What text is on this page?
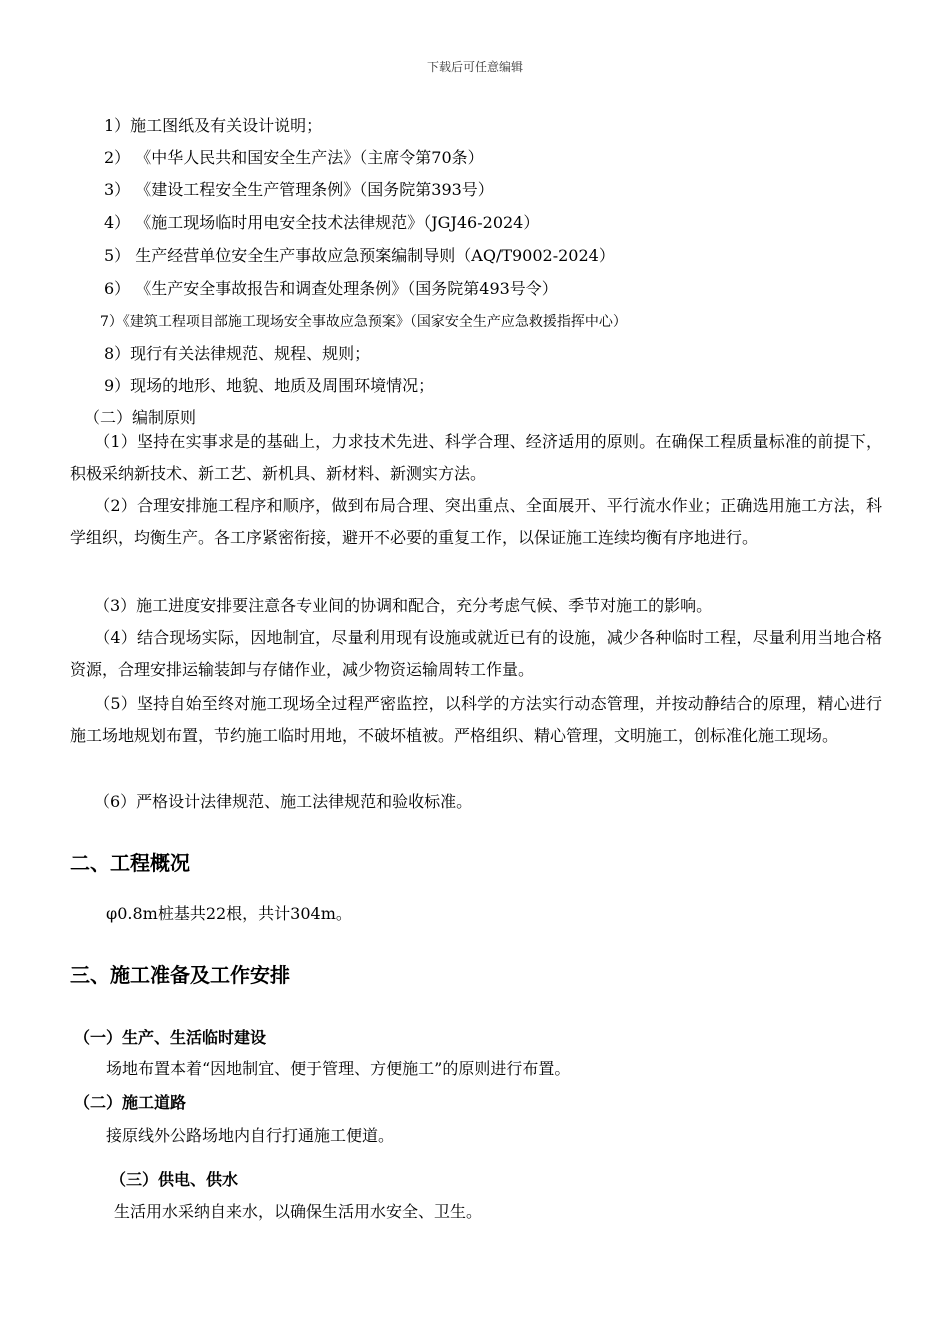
下载后可任意编辑
1）施工图纸及有关设计说明；
2） 《中华人民共和国安全生产法》（主席令第70条）
3） 《建设工程安全生产管理条例》（国务院第393号）
4） 《施工现场临时用电安全技术法律规范》（JGJ46-2024）
5） 生产经营单位安全生产事故应急预案编制导则（AQ/T9002-2024）
6） 《生产安全事故报告和调查处理条例》（国务院第493号令）
7）《建筑工程项目部施工现场安全事故应急预案》（国家安全生产应急救援指挥中心）
8）现行有关法律规范、规程、规则；
9）现场的地形、地貌、地质及周围环境情况；
（二）编制原则
（1）坚持在实事求是的基础上，力求技术先进、科学合理、经济适用的原则。在确保工程质量标准的前提下，积极采纳新技术、新工艺、新机具、新材料、新测实方法。
（2）合理安排施工程序和顺序，做到布局合理、突出重点、全面展开、平行流水作业；正确选用施工方法，科学组织，均衡生产。各工序紧密衔接，避开不必要的重复工作，以保证施工连续均衡有序地进行。
（3）施工进度安排要注意各专业间的协调和配合，充分考虑气候、季节对施工的影响。
（4）结合现场实际，因地制宜，尽量利用现有设施或就近已有的设施，减少各种临时工程，尽量利用当地合格资源，合理安排运输装卸与存储作业，减少物资运输周转工作量。
（5）坚持自始至终对施工现场全过程严密监控，以科学的方法实行动态管理，并按动静结合的原理，精心进行施工场地规划布置，节约施工临时用地，不破坏植被。严格组织、精心管理，文明施工，创标准化施工现场。
（6）严格设计法律规范、施工法律规范和验收标准。
二、工程概况
φ0.8m桩基共22根，共计304m。
三、施工准备及工作安排
（一）生产、生活临时建设
场地布置本着“因地制宜、便于管理、方便施工”的原则进行布置。
（二）施工道路
接原线外公路场地内自行打通施工便道。
（三）供电、供水
生活用水采纳自来水，以确保生活用水安全、卫生。
